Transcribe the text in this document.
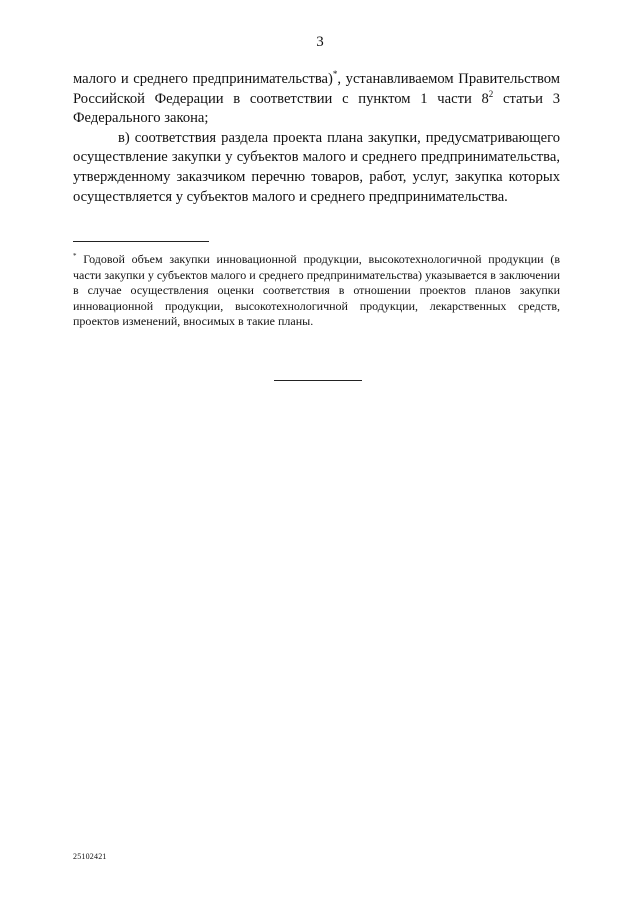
3

малого и среднего предпринимательства)*, устанавливаемом Правительством Российской Федерации в соответствии с пунктом 1 части $8^2$ статьи 3 Федерального закона;

в) соответствия раздела проекта плана закупки, предусматривающего осуществление закупки у субъектов малого и среднего предпринимательства, утвержденному заказчиком перечню товаров, работ, услуг, закупка которых осуществляется у субъектов малого и среднего предпринимательства.

* Годовой объем закупки инновационной продукции, высокотехнологичной продукции (в части закупки у субъектов малого и среднего предпринимательства) указывается в заключении в случае осуществления оценки соответствия в отношении проектов планов закупки инновационной продукции, высокотехнологичной продукции, лекарственных средств, проектов изменений, вносимых в такие планы.
25102421
